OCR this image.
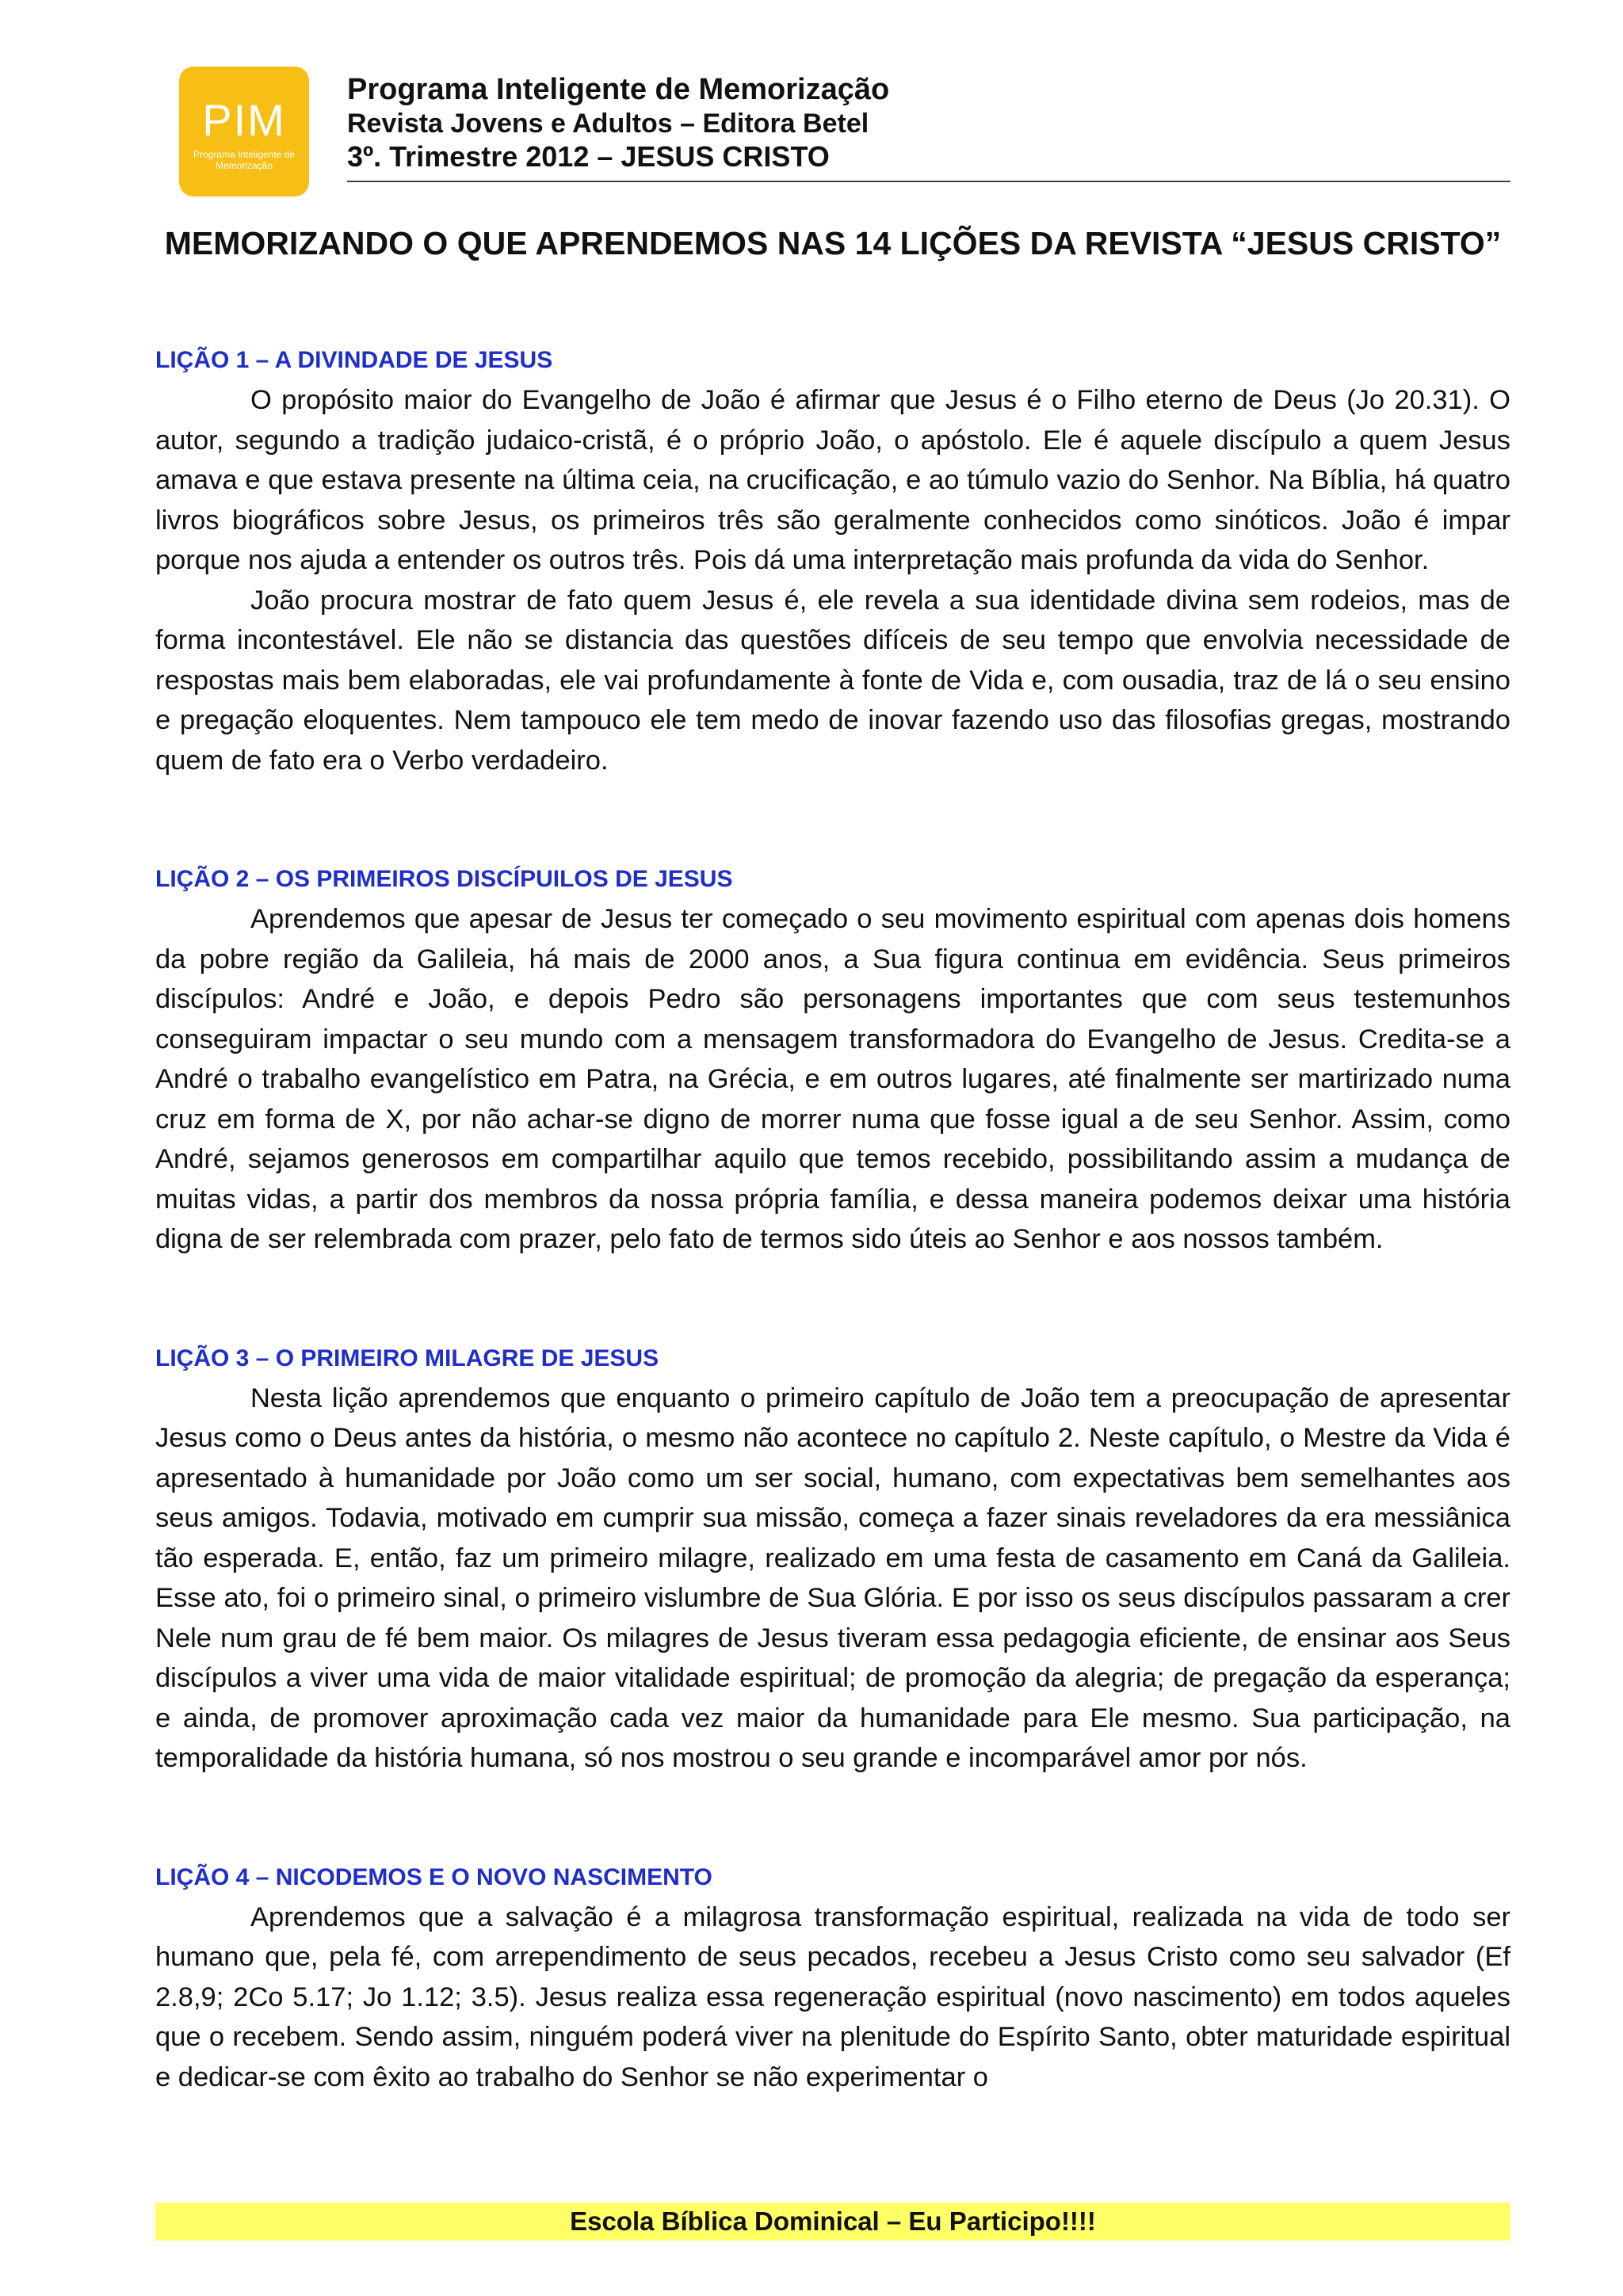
PIM
Programa Inteligente de Memorização
Programa Inteligente de Memorização
Revista Jovens e Adultos – Editora Betel
3º. Trimestre 2012 – JESUS CRISTO
MEMORIZANDO O QUE APRENDEMOS NAS 14 LIÇÕES DA REVISTA “JESUS CRISTO”

LIÇÃO 1 – A DIVINDADE DE JESUS

O propósito maior do Evangelho de João é afirmar que Jesus é o Filho eterno de Deus (Jo 20.31). O autor, segundo a tradição judaico-cristã, é o próprio João, o apóstolo. Ele é aquele discípulo a quem Jesus amava e que estava presente na última ceia, na crucificação, e ao túmulo vazio do Senhor. Na Bíblia, há quatro livros biográficos sobre Jesus, os primeiros três são geralmente conhecidos como sinóticos. João é impar porque nos ajuda a entender os outros três. Pois dá uma interpretação mais profunda da vida do Senhor.

João procura mostrar de fato quem Jesus é, ele revela a sua identidade divina sem rodeios, mas de forma incontestável. Ele não se distancia das questões difíceis de seu tempo que envolvia necessidade de respostas mais bem elaboradas, ele vai profundamente à fonte de Vida e, com ousadia, traz de lá o seu ensino e pregação eloquentes. Nem tampouco ele tem medo de inovar fazendo uso das filosofias gregas, mostrando quem de fato era o Verbo verdadeiro.

LIÇÃO 2 – OS PRIMEIROS DISCÍPUILOS DE JESUS

Aprendemos que apesar de Jesus ter começado o seu movimento espiritual com apenas dois homens da pobre região da Galileia, há mais de 2000 anos, a Sua figura continua em evidência. Seus primeiros discípulos: André e João, e depois Pedro são personagens importantes que com seus testemunhos conseguiram impactar o seu mundo com a mensagem transformadora do Evangelho de Jesus. Credita-se a André o trabalho evangelístico em Patra, na Grécia, e em outros lugares, até finalmente ser martirizado numa cruz em forma de X, por não achar-se digno de morrer numa que fosse igual a de seu Senhor. Assim, como André, sejamos generosos em compartilhar aquilo que temos recebido, possibilitando assim a mudança de muitas vidas, a partir dos membros da nossa própria família, e dessa maneira podemos deixar uma história digna de ser relembrada com prazer, pelo fato de termos sido úteis ao Senhor e aos nossos também.

LIÇÃO 3 – O PRIMEIRO MILAGRE DE JESUS

Nesta lição aprendemos que enquanto o primeiro capítulo de João tem a preocupação de apresentar Jesus como o Deus antes da história, o mesmo não acontece no capítulo 2. Neste capítulo, o Mestre da Vida é apresentado à humanidade por João como um ser social, humano, com expectativas bem semelhantes aos seus amigos. Todavia, motivado em cumprir sua missão, começa a fazer sinais reveladores da era messiânica tão esperada. E, então, faz um primeiro milagre, realizado em uma festa de casamento em Caná da Galileia. Esse ato, foi o primeiro sinal, o primeiro vislumbre de Sua Glória. E por isso os seus discípulos passaram a crer Nele num grau de fé bem maior. Os milagres de Jesus tiveram essa pedagogia eficiente, de ensinar aos Seus discípulos a viver uma vida de maior vitalidade espiritual; de promoção da alegria; de pregação da esperança; e ainda, de promover aproximação cada vez maior da humanidade para Ele mesmo. Sua participação, na temporalidade da história humana, só nos mostrou o seu grande e incomparável amor por nós.

LIÇÃO 4 – NICODEMOS E O NOVO NASCIMENTO

Aprendemos que a salvação é a milagrosa transformação espiritual, realizada na vida de todo ser humano que, pela fé, com arrependimento de seus pecados, recebeu a Jesus Cristo como seu salvador (Ef 2.8,9; 2Co 5.17; Jo 1.12; 3.5). Jesus realiza essa regeneração espiritual (novo nascimento) em todos aqueles que o recebem. Sendo assim, ninguém poderá viver na plenitude do Espírito Santo, obter maturidade espiritual e dedicar-se com êxito ao trabalho do Senhor se não experimentar o

Escola Bíblica Dominical – Eu Participo!!!!
